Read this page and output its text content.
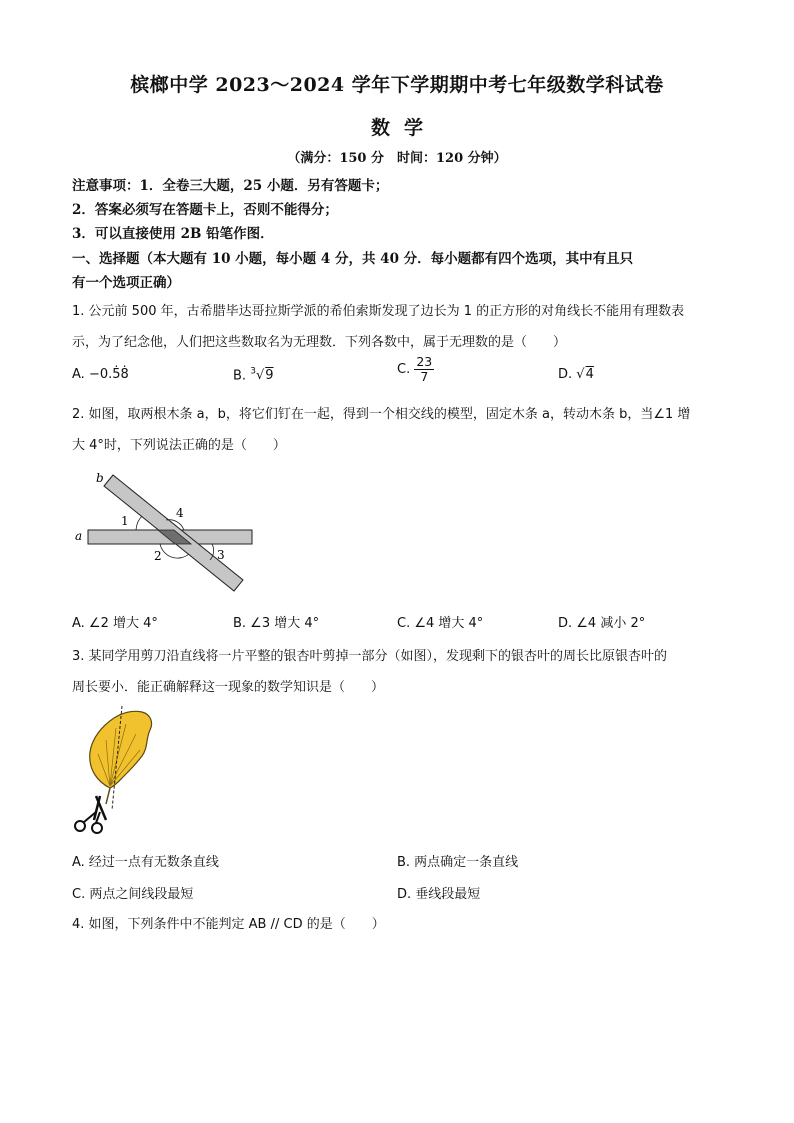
槟榔中学 2023～2024 学年下学期期中考七年级数学科试卷
数学
（满分：150 分　时间：120 分钟）
注意事项：1．全卷三大题，25 小题．另有答题卡；
2．答案必须写在答题卡上，否则不能得分；
3．可以直接使用 2B 铅笔作图．
一、选择题（本大题有 10 小题，每小题 4 分，共 40 分．每小题都有四个选项，其中有且只
有一个选项正确）
1. 公元前 500 年，古希腊毕达哥拉斯学派的希伯索斯发现了边长为 1 的正方形的对角线长不能用有理数表
示，为了纪念他，人们把这些数取名为无理数．下列各数中，属于无理数的是（　　）
A. −0.5̇8̇	B. $^3$√9	C. $\frac{23}{7}$	D. √4
2. 如图，取两根木条 a，b，将它们钉在一起，得到一个相交线的模型，固定木条 a，转动木条 b，当∠1 增
大 4°时，下列说法正确的是（　　）
b
a
1
4
2	3
A. ∠2 增大 4°	B. ∠3 增大 4°	C. ∠4 增大 4°	D. ∠4 减小 2°
3. 某同学用剪刀沿直线将一片平整的银杏叶剪掉一部分（如图），发现剩下的银杏叶的周长比原银杏叶的
周长要小．能正确解释这一现象的数学知识是（　　）
A. 经过一点有无数条直线	B. 两点确定一条直线
C. 两点之间线段最短	D. 垂线段最短
4. 如图，下列条件中不能判定 AB // CD 的是（　　）
